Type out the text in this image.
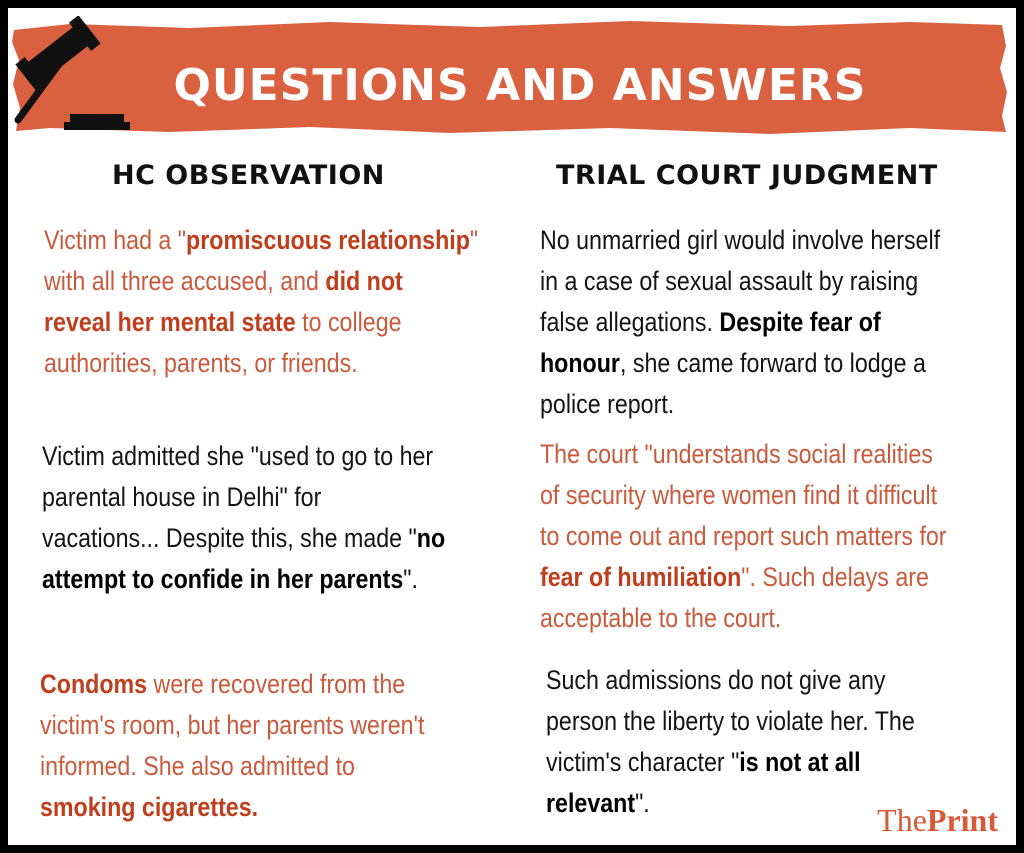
QUESTIONS AND ANSWERS
HC OBSERVATION	TRIAL COURT JUDGMENT
Victim had a "promiscuous relationship"
with all three accused, and did not
reveal her mental state to college
authorities, parents, or friends.
Victim admitted she "used to go to her
parental house in Delhi" for
vacations... Despite this, she made "no
attempt to confide in her parents".
Condoms were recovered from the
victim's room, but her parents weren't
informed. She also admitted to
smoking cigarettes.
No unmarried girl would involve herself
in a case of sexual assault by raising
false allegations. Despite fear of
honour, she came forward to lodge a
police report.
The court "understands social realities
of security where women find it difficult
to come out and report such matters for
fear of humiliation". Such delays are
acceptable to the court.
Such admissions do not give any
person the liberty to violate her. The
victim's character "is not at all
relevant".	ThePrint
